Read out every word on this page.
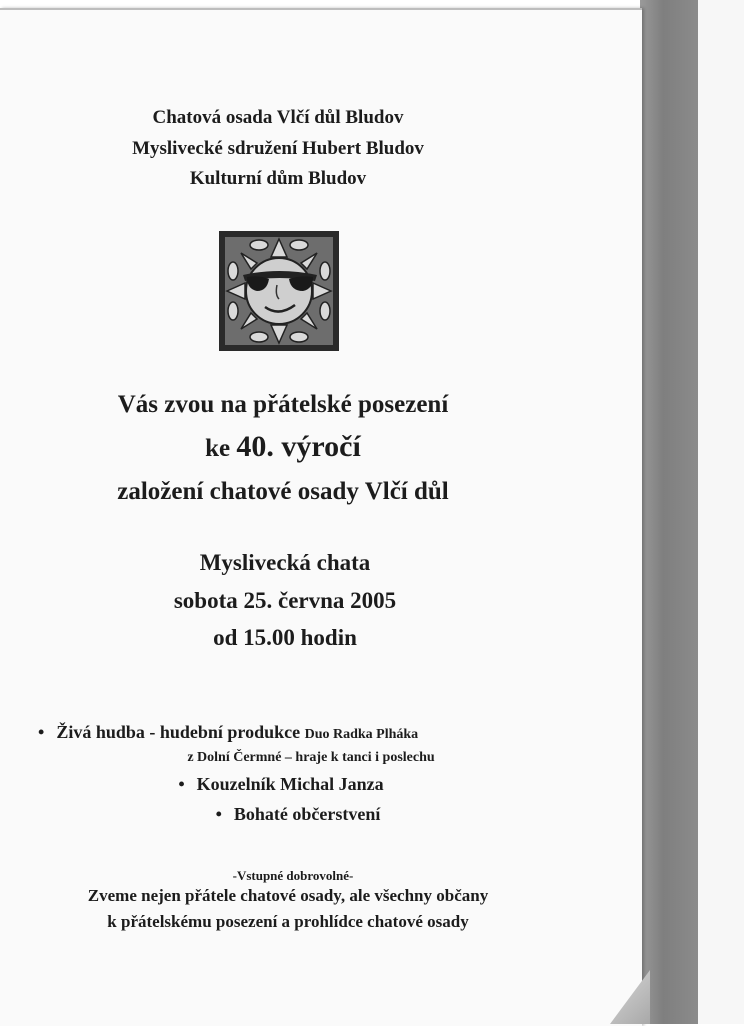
Chatová osada Vlčí důl Bludov
Myslivecké sdružení Hubert Bludov
Kulturní dům Bludov
Vás zvou na přátelské posezení
ke 40. výročí
založení chatové osady Vlčí důl
Myslivecká chata
sobota 25. června 2005
od 15.00 hodin
• Živá hudba - hudební produkce Duo Radka Plháka
z Dolní Čermné – hraje k tanci i poslechu
• Kouzelník Michal Janza
• Bohaté občerstvení
-Vstupné dobrovolné-
Zveme nejen přátele chatové osady, ale všechny občany
k přátelskému posezení a prohlídce chatové osady
